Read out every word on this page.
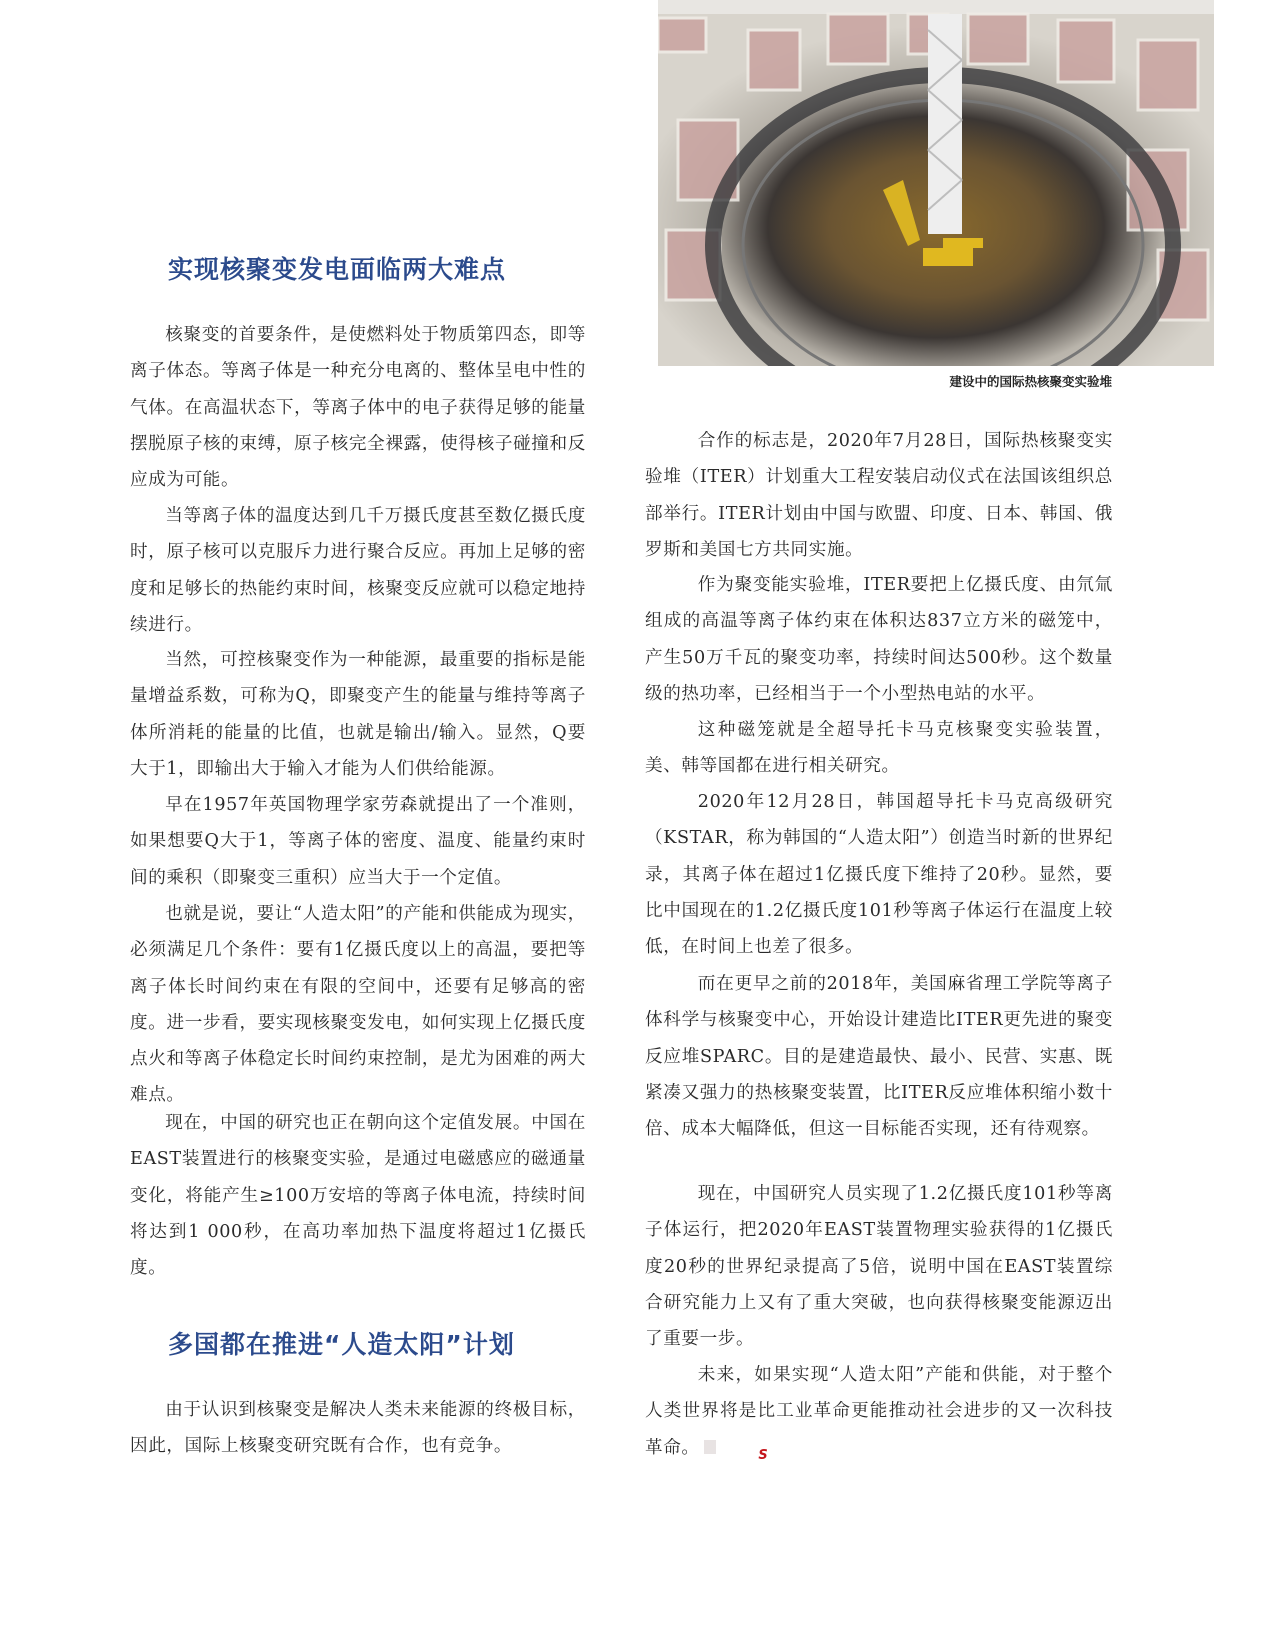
实现核聚变发电面临两大难点

核聚变的首要条件，是使燃料处于物质第四态，即等离子体态。等离子体是一种充分电离的、整体呈电中性的气体。在高温状态下，等离子体中的电子获得足够的能量摆脱原子核的束缚，原子核完全裸露，使得核子碰撞和反应成为可能。

当等离子体的温度达到几千万摄氏度甚至数亿摄氏度时，原子核可以克服斥力进行聚合反应。再加上足够的密度和足够长的热能约束时间，核聚变反应就可以稳定地持续进行。

当然，可控核聚变作为一种能源，最重要的指标是能量增益系数，可称为Q，即聚变产生的能量与维持等离子体所消耗的能量的比值，也就是输出/输入。显然，Q要大于1，即输出大于输入才能为人们供给能源。

早在1957年英国物理学家劳森就提出了一个准则，如果想要Q大于1，等离子体的密度、温度、能量约束时间的乘积（即聚变三重积）应当大于一个定值。

也就是说，要让“人造太阳”的产能和供能成为现实，必须满足几个条件：要有1亿摄氏度以上的高温，要把等离子体长时间约束在有限的空间中，还要有足够高的密度。进一步看，要实现核聚变发电，如何实现上亿摄氏度点火和等离子体稳定长时间约束控制，是尤为困难的两大难点。

现在，中国的研究也正在朝向这个定值发展。中国在EAST装置进行的核聚变实验，是通过电磁感应的磁通量变化，将能产生≥100万安培的等离子体电流，持续时间将达到1 000秒，在高功率加热下温度将超过1亿摄氏度。

多国都在推进“人造太阳”计划

由于认识到核聚变是解决人类未来能源的终极目标，因此，国际上核聚变研究既有合作，也有竞争。

建设中的国际热核聚变实验堆

合作的标志是，2020年7月28日，国际热核聚变实验堆（ITER）计划重大工程安装启动仪式在法国该组织总部举行。ITER计划由中国与欧盟、印度、日本、韩国、俄罗斯和美国七方共同实施。

作为聚变能实验堆，ITER要把上亿摄氏度、由氘氚组成的高温等离子体约束在体积达837立方米的磁笼中，产生50万千瓦的聚变功率，持续时间达500秒。这个数量级的热功率，已经相当于一个小型热电站的水平。

这种磁笼就是全超导托卡马克核聚变实验装置，美、韩等国都在进行相关研究。

2020年12月28日，韩国超导托卡马克高级研究（KSTAR，称为韩国的“人造太阳”）创造当时新的世界纪录，其离子体在超过1亿摄氏度下维持了20秒。显然，要比中国现在的1.2亿摄氏度101秒等离子体运行在温度上较低，在时间上也差了很多。

而在更早之前的2018年，美国麻省理工学院等离子体科学与核聚变中心，开始设计建造比ITER更先进的聚变反应堆SPARC。目的是建造最快、最小、民营、实惠、既紧凑又强力的热核聚变装置，比ITER反应堆体积缩小数十倍、成本大幅降低，但这一目标能否实现，还有待观察。

现在，中国研究人员实现了1.2亿摄氏度101秒等离子体运行，把2020年EAST装置物理实验获得的1亿摄氏度20秒的世界纪录提高了5倍，说明中国在EAST装置综合研究能力上又有了重大突破，也向获得核聚变能源迈出了重要一步。

未来，如果实现“人造太阳”产能和供能，对于整个人类世界将是比工业革命更能推动社会进步的又一次科技革命。S
